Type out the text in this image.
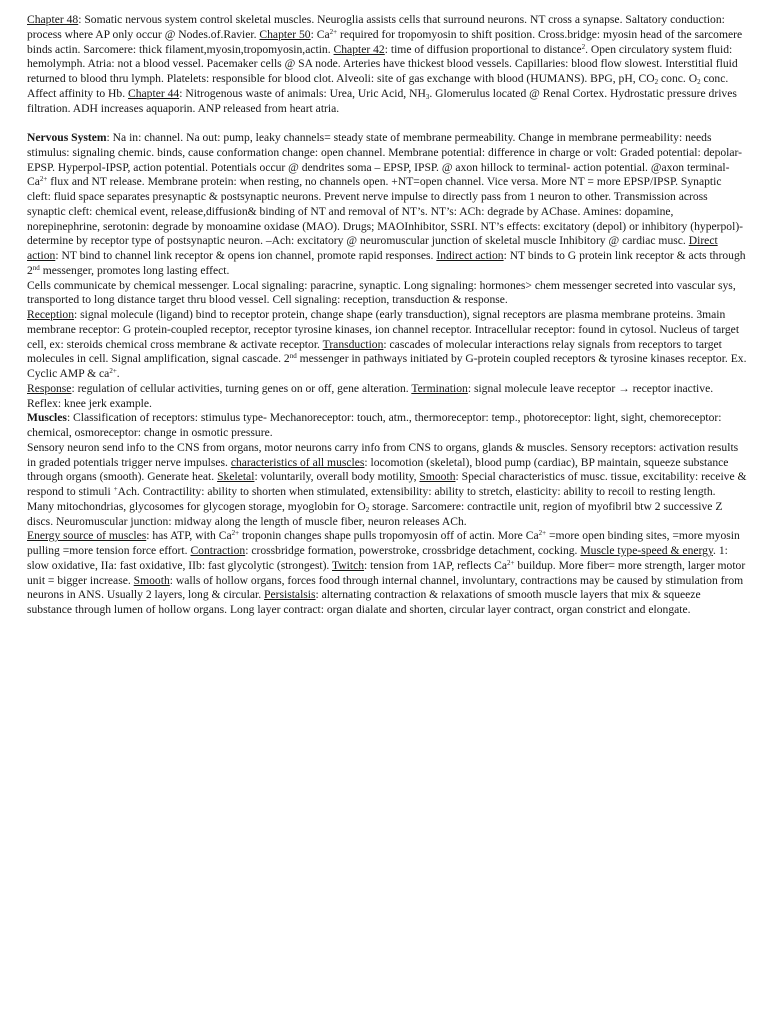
Chapter 48: Somatic nervous system control skeletal muscles. Neuroglia assists cells that surround neurons. NT cross a synapse. Saltatory conduction: process where AP only occur @ Nodes.of.Ravier. Chapter 50: $Ca^{2+}$ required for tropomyosin to shift position. Cross.bridge: myosin head of the sarcomere binds actin. Sarcomere: thick filament,myosin,tropomyosin,actin. Chapter 42: time of diffusion proportional to distance$^2$. Open circulatory system fluid: hemolymph. Atria: not a blood vessel. Pacemaker cells @ SA node. Arteries have thickest blood vessels. Capillaries: blood flow slowest. Interstitial fluid returned to blood thru lymph. Platelets: responsible for blood clot. Alveoli: site of gas exchange with blood (HUMANS). BPG, pH, $CO_2$ conc. $O_2$ conc. Affect affinity to Hb. Chapter 44: Nitrogenous waste of animals: Urea, Uric Acid, $NH_3$. Glomerulus located @ Renal Cortex. Hydrostatic pressure drives filtration. ADH increases aquaporin. ANP released from heart atria.

Nervous System: Na in: channel. Na out: pump, leaky channels= steady state of membrane permeability. Change in membrane permeability: needs stimulus: signaling chemic. binds, cause conformation change: open channel. Membrane potential: difference in charge or volt: Graded potential: depolar-EPSP. Hyperpol-IPSP, action potential. Potentials occur @ dendrites soma – EPSP, IPSP. @ axon hillock to terminal- action potential. @axon terminal- $Ca^{2+}$ flux and NT release. Membrane protein: when resting, no channels open. +NT=open channel. Vice versa. More NT = more EPSP/IPSP. Synaptic cleft: fluid space separates presynaptic & postsynaptic neurons. Prevent nerve impulse to directly pass from 1 neuron to other. Transmission across synaptic cleft: chemical event, release,diffusion& binding of NT and removal of NT’s. NT’s: ACh: degrade by AChase. Amines: dopamine, norepinephrine, serotonin: degrade by monoamine oxidase (MAO). Drugs; MAOInhibitor, SSRI. NT’s effects: excitatory (depol) or inhibitory (hyperpol)- determine by receptor type of postsynaptic neuron. –Ach: excitatory @ neuromuscular junction of skeletal muscle Inhibitory @ cardiac musc. Direct action: NT bind to channel link receptor & opens ion channel, promote rapid responses. Indirect action: NT binds to G protein link receptor & acts through 2nd messenger, promotes long lasting effect.

Cells communicate by chemical messenger. Local signaling: paracrine, synaptic. Long signaling: hormones> chem messenger secreted into vascular sys, transported to long distance target thru blood vessel. Cell signaling: reception, transduction & response.

Reception: signal molecule (ligand) bind to receptor protein, change shape (early transduction), signal receptors are plasma membrane proteins. 3main membrane receptor: G protein-coupled receptor, receptor tyrosine kinases, ion channel receptor. Intracellular receptor: found in cytosol. Nucleus of target cell, ex: steroids chemical cross membrane & activate receptor. Transduction: cascades of molecular interactions relay signals from receptors to target molecules in cell. Signal amplification, signal cascade. 2nd messenger in pathways initiated by G-protein coupled receptors & tyrosine kinases receptor. Ex. Cyclic AMP & $ca^{2+}$.

Response: regulation of cellular activities, turning genes on or off, gene alteration. Termination: signal molecule leave receptor → receptor inactive.

Reflex: knee jerk example.

Muscles: Classification of receptors: stimulus type- Mechanoreceptor: touch, atm., thermoreceptor: temp., photoreceptor: light, sight, chemoreceptor: chemical, osmoreceptor: change in osmotic pressure.

Sensory neuron send info to the CNS from organs, motor neurons carry info from CNS to organs, glands & muscles. Sensory receptors: activation results in graded potentials trigger nerve impulses. characteristics of all muscles: locomotion (skeletal), blood pump (cardiac), BP maintain, squeeze substance through organs (smooth). Generate heat. Skeletal: voluntarily, overall body motility, Smooth: Special characteristics of musc. tissue, excitability: receive & respond to stimuli +Ach. Contractility: ability to shorten when stimulated, extensibility: ability to stretch, elasticity: ability to recoil to resting length.

Many mitochondrias, glycosomes for glycogen storage, myoglobin for $O_2$ storage. Sarcomere: contractile unit, region of myofibril btw 2 successive Z discs. Neuromuscular junction: midway along the length of muscle fiber, neuron releases ACh.

Energy source of muscles: has ATP, with $Ca^{2+}$ troponin changes shape pulls tropomyosin off of actin. More $Ca^{2+}$ =more open binding sites, =more myosin pulling =more tension force effort. Contraction: crossbridge formation, powerstroke, crossbridge detachment, cocking. Muscle type-speed & energy. 1: slow oxidative, IIa: fast oxidative, IIb: fast glycolytic (strongest). Twitch: tension from 1AP, reflects $Ca^{2+}$ buildup. More fiber= more strength, larger motor unit = bigger increase. Smooth: walls of hollow organs, forces food through internal channel, involuntary, contractions may be caused by stimulation from neurons in ANS. Usually 2 layers, long & circular. Persistalsis: alternating contraction & relaxations of smooth muscle layers that mix & squeeze substance through lumen of hollow organs. Long layer contract: organ dialate and shorten, circular layer contract, organ constrict and elongate.
